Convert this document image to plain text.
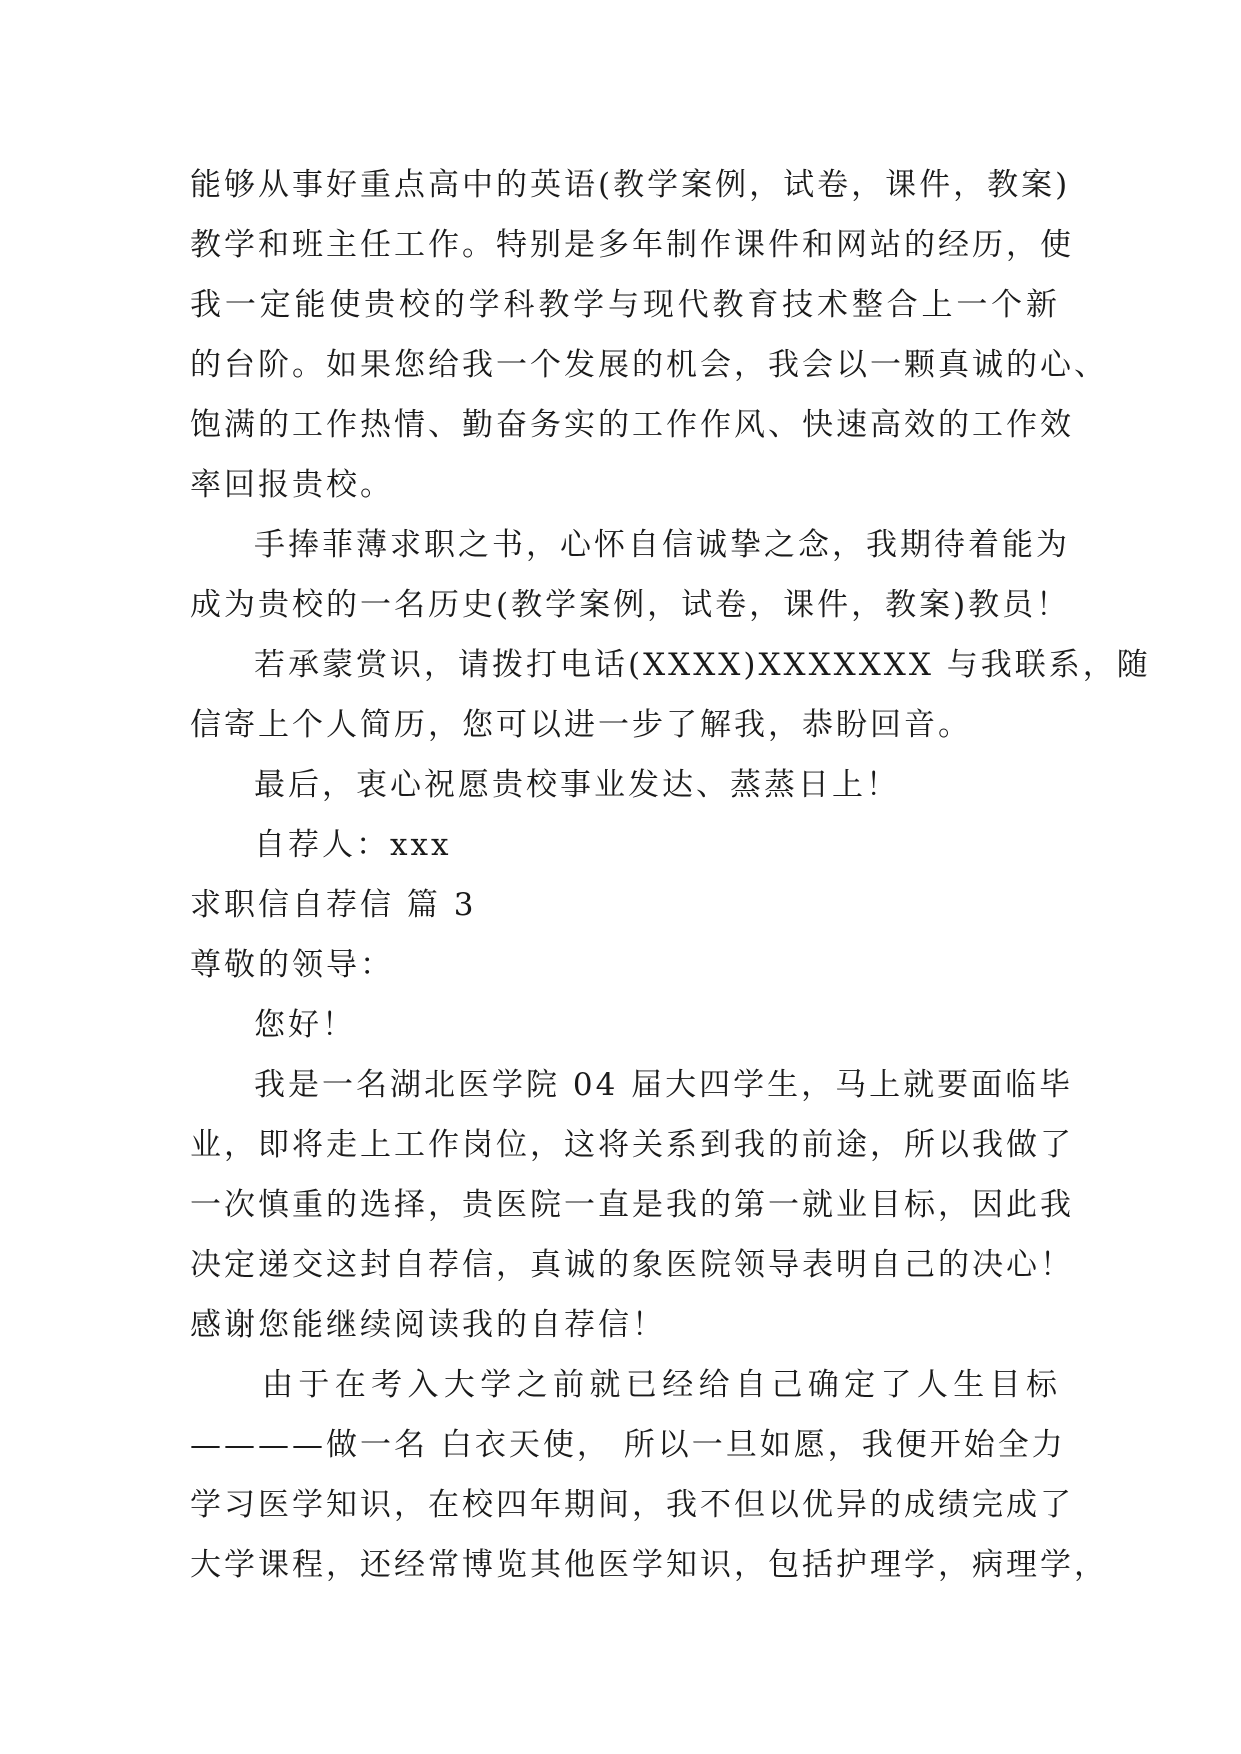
能够从事好重点高中的英语(教学案例，试卷，课件，教案)
教学和班主任工作。特别是多年制作课件和网站的经历，使
我一定能使贵校的学科教学与现代教育技术整合上一个新
的台阶。如果您给我一个发展的机会，我会以一颗真诚的心、
饱满的工作热情、勤奋务实的工作作风、快速高效的工作效
率回报贵校。
手捧菲薄求职之书，心怀自信诚挚之念，我期待着能为
成为贵校的一名历史(教学案例，试卷，课件，教案)教员！
若承蒙赏识，请拨打电话(XXXX)XXXXXXX 与我联系，随
信寄上个人简历，您可以进一步了解我，恭盼回音。
最后，衷心祝愿贵校事业发达、蒸蒸日上！
自荐人：xxx
求职信自荐信 篇 3
尊敬的领导：
您好！
我是一名湖北医学院 04 届大四学生，马上就要面临毕
业，即将走上工作岗位，这将关系到我的前途，所以我做了
一次慎重的选择，贵医院一直是我的第一就业目标，因此我
决定递交这封自荐信，真诚的象医院领导表明自己的决心！
感谢您能继续阅读我的自荐信！
由于在考入大学之前就已经给自己确定了人生目标
————做一名 白衣天使， 所以一旦如愿，我便开始全力
学习医学知识，在校四年期间，我不但以优异的成绩完成了
大学课程，还经常博览其他医学知识，包括护理学，病理学，
